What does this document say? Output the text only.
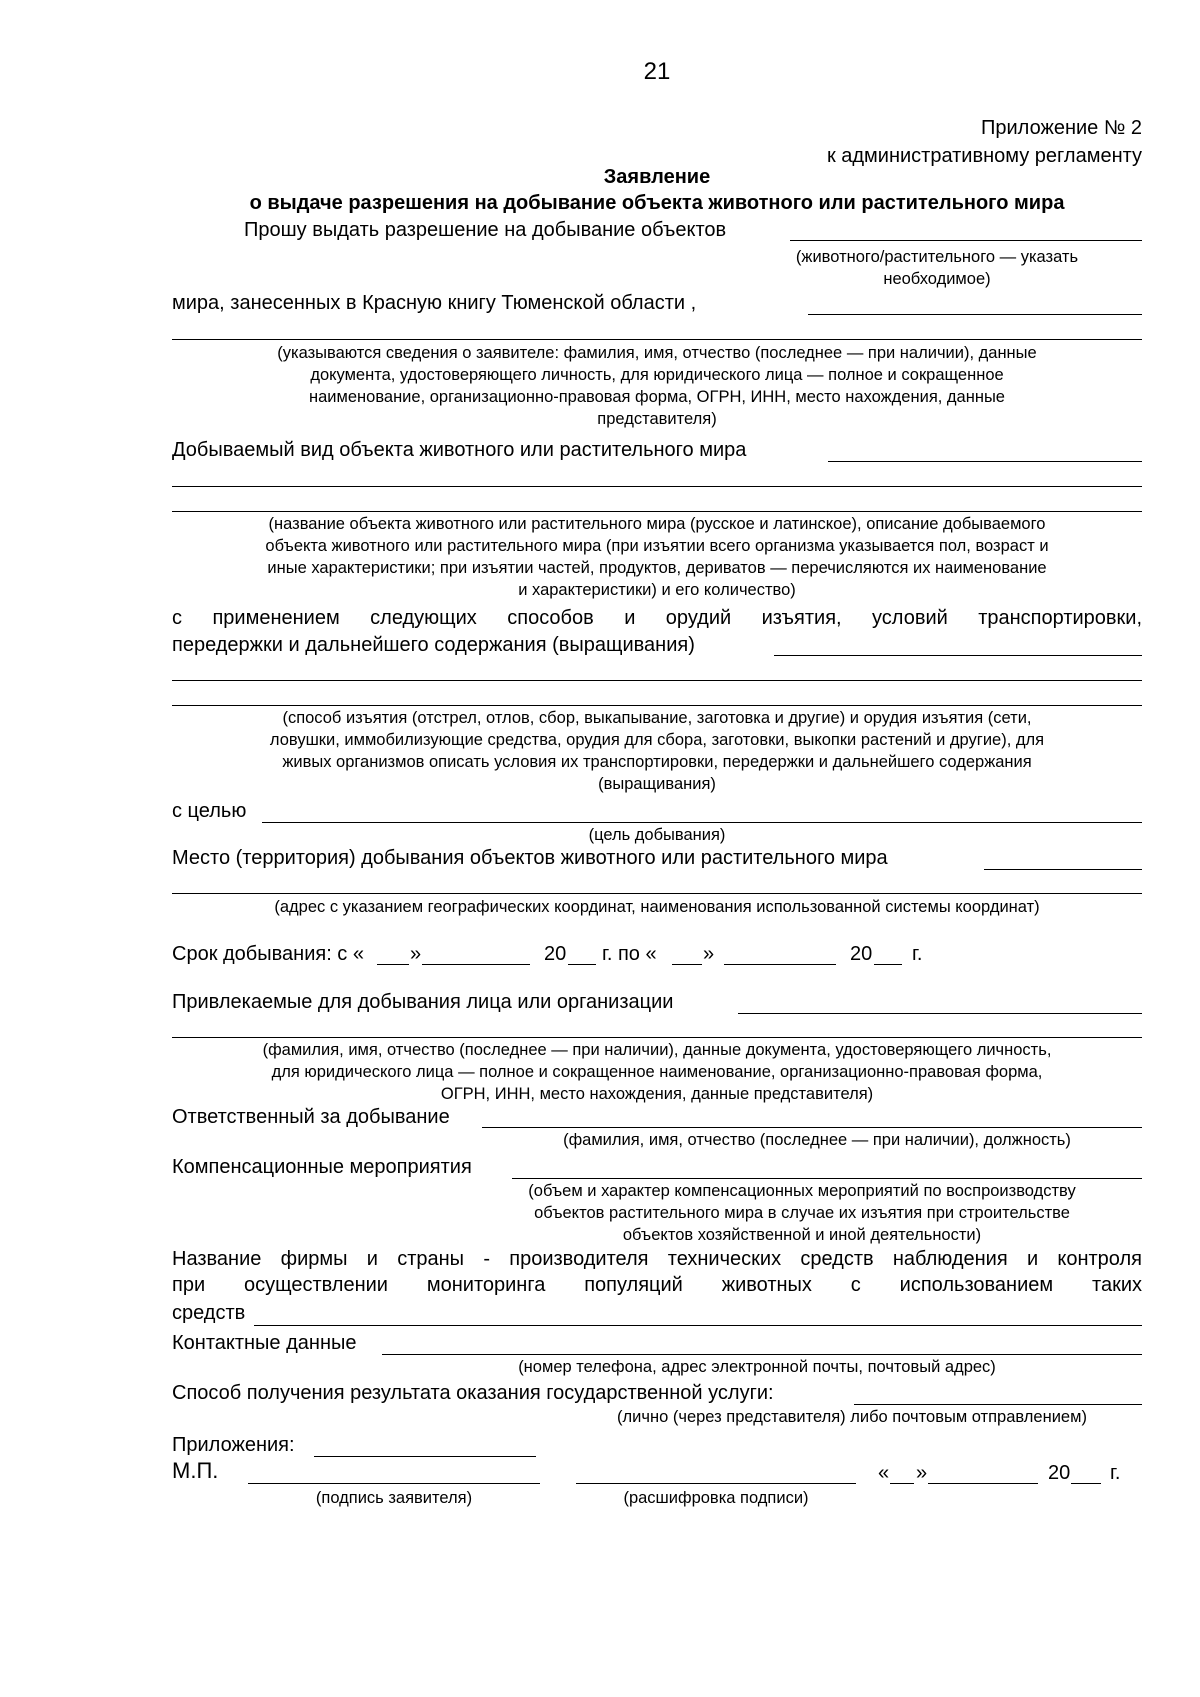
21
Приложение № 2
к административному регламенту
Заявление
о выдаче разрешения на добывание объекта животного или растительного мира
Прошу выдать разрешение на добывание объектов
(животного/растительного — указать
необходимое)
мира, занесенных в Красную книгу Тюменской области ,
(указываются сведения о заявителе: фамилия, имя, отчество (последнее — при наличии), данные
документа, удостоверяющего личность, для юридического лица — полное и сокращенное
наименование, организационно-правовая форма, ОГРН, ИНН, место нахождения, данные
представителя)
Добываемый вид объекта животного или растительного мира
(название объекта животного или растительного мира (русское и латинское), описание добываемого
объекта животного или растительного мира (при изъятии всего организма указывается пол, возраст и
иные характеристики; при изъятии частей, продуктов, дериватов — перечисляются их наименование
и характеристики) и его количество)
с применением следующих способов и орудий изъятия, условий транспортировки,
передержки и дальнейшего содержания (выращивания)
(способ изъятия (отстрел, отлов, сбор, выкапывание, заготовка и другие) и орудия изъятия (сети,
ловушки, иммобилизующие средства, орудия для сбора, заготовки, выкопки растений и другие), для
живых организмов описать условия их транспортировки, передержки и дальнейшего содержания
(выращивания)
с целью
(цель добывания)
Место (территория) добывания объектов животного или растительного мира
(адрес с указанием географических координат, наименования использованной системы координат)
Срок добывания: с « »	20 г. по « »	20 г.
Привлекаемые для добывания лица или организации
(фамилия, имя, отчество (последнее — при наличии), данные документа, удостоверяющего личность,
для юридического лица — полное и сокращенное наименование, организационно-правовая форма,
ОГРН, ИНН, место нахождения, данные представителя)
Ответственный за добывание
(фамилия, имя, отчество (последнее — при наличии), должность)
Компенсационные мероприятия
(объем и характер компенсационных мероприятий по воспроизводству
объектов растительного мира в случае их изъятия при строительстве
объектов хозяйственной и иной деятельности)
Название фирмы и страны - производителя технических средств наблюдения и контроля
при осуществлении мониторинга популяций животных с использованием таких
средств
Контактные данные
(номер телефона, адрес электронной почты, почтовый адрес)
Способ получения результата оказания государственной услуги:
(лично (через представителя) либо почтовым отправлением)
Приложения:
М.П.	« »	20 г.
(подпись заявителя)	(расшифровка подписи)
